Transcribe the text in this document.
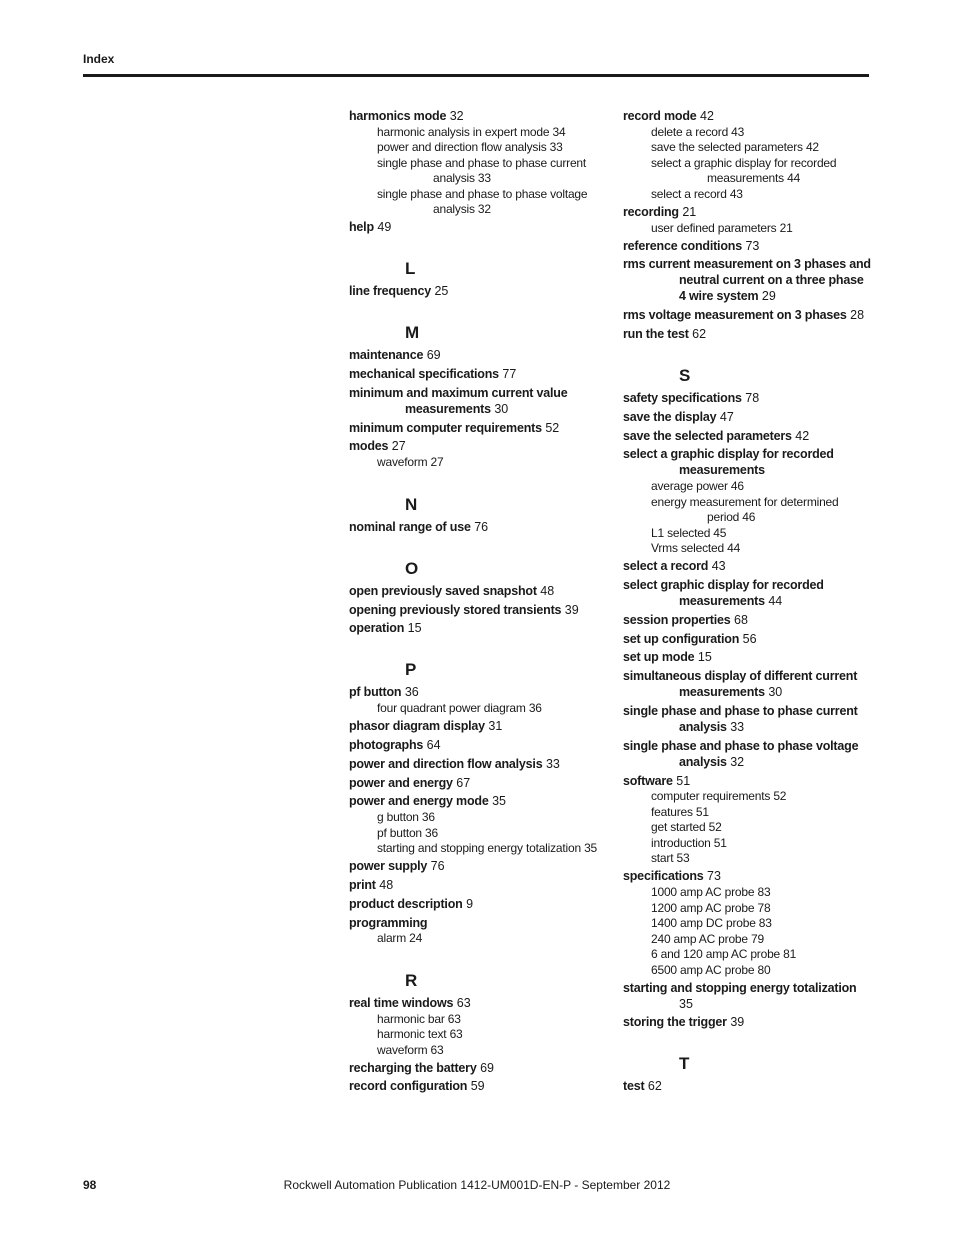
Index
harmonics mode 32
harmonic analysis in expert mode 34
power and direction flow analysis 33
single phase and phase to phase current analysis 33
single phase and phase to phase voltage analysis 32
help 49
L
line frequency 25
M
maintenance 69
mechanical specifications 77
minimum and maximum current value measurements 30
minimum computer requirements 52
modes 27
waveform 27
N
nominal range of use 76
O
open previously saved snapshot 48
opening previously stored transients 39
operation 15
P
pf button 36
four quadrant power diagram 36
phasor diagram display 31
photographs 64
power and direction flow analysis 33
power and energy 67
power and energy mode 35
g button 36
pf button 36
starting and stopping energy totalization 35
power supply 76
print 48
product description 9
programming
alarm 24
R
real time windows 63
harmonic bar 63
harmonic text 63
waveform 63
recharging the battery 69
record configuration 59
record mode 42
delete a record 43
save the selected parameters 42
select a graphic display for recorded measurements 44
select a record 43
recording 21
user defined parameters 21
reference conditions 73
rms current measurement on 3 phases and neutral current on a three phase 4 wire system 29
rms voltage measurement on 3 phases 28
run the test 62
S
safety specifications 78
save the display 47
save the selected parameters 42
select a graphic display for recorded measurements
average power 46
energy measurement for determined period 46
L1 selected 45
Vrms selected 44
select a record 43
select graphic display for recorded measurements 44
session properties 68
set up configuration 56
set up mode 15
simultaneous display of different current measurements 30
single phase and phase to phase current analysis 33
single phase and phase to phase voltage analysis 32
software 51
computer requirements 52
features 51
get started 52
introduction 51
start 53
specifications 73
1000 amp AC probe 83
1200 amp AC probe 78
1400 amp DC probe 83
240 amp AC probe 79
6 and 120 amp AC probe 81
6500 amp AC probe 80
starting and stopping energy totalization 35
storing the trigger 39
T
test 62
98	Rockwell Automation Publication 1412-UM001D-EN-P - September 2012
